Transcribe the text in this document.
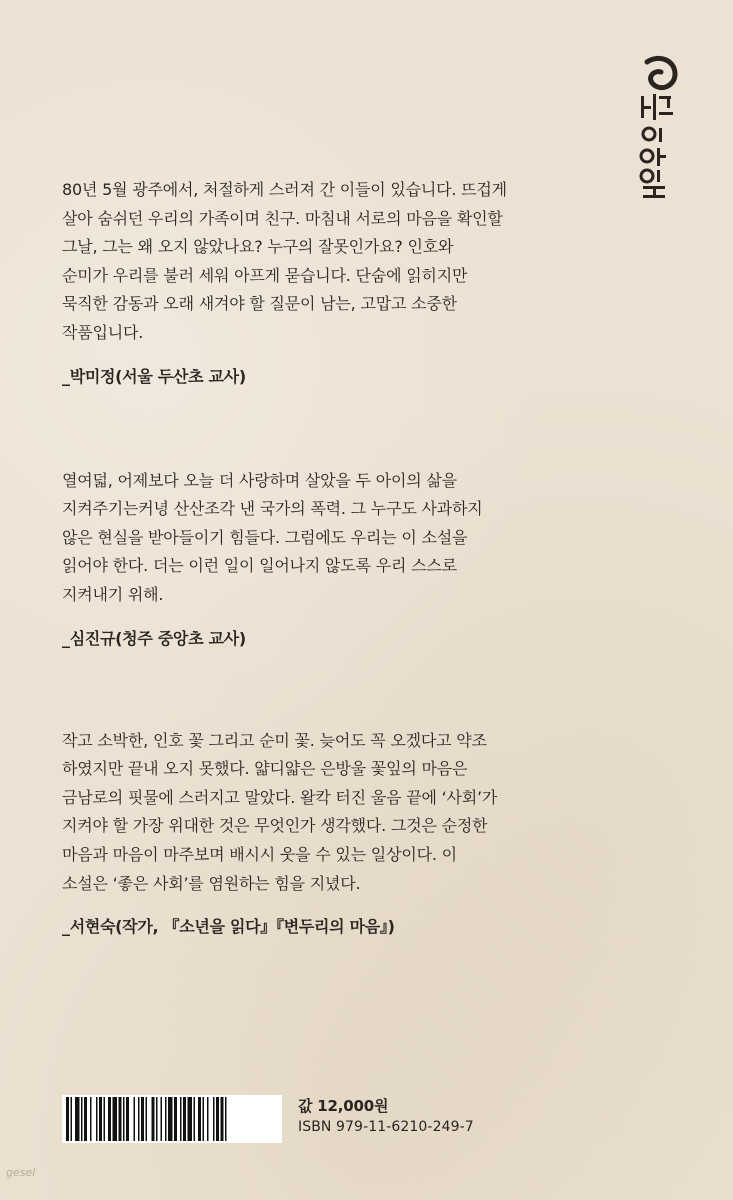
80년 5월 광주에서, 처절하게 스러져 간 이들이 있습니다. 뜨겁게
살아 숨쉬던 우리의 가족이며 친구. 마침내 서로의 마음을 확인할
그날, 그는 왜 오지 않았나요? 누구의 잘못인가요? 인호와
순미가 우리를 불러 세워 아프게 묻습니다. 단숨에 읽히지만
묵직한 감동과 오래 새겨야 할 질문이 남는, 고맙고 소중한
작품입니다.

_박미정(서울 두산초 교사)

열여덟, 어제보다 오늘 더 사랑하며 살았을 두 아이의 삶을
지켜주기는커녕 산산조각 낸 국가의 폭력. 그 누구도 사과하지
않은 현실을 받아들이기 힘들다. 그럼에도 우리는 이 소설을
읽어야 한다. 더는 이런 일이 일어나지 않도록 우리 스스로
지켜내기 위해.

_심진규(청주 중앙초 교사)

작고 소박한, 인호 꽃 그리고 순미 꽃. 늦어도 꼭 오겠다고 약조
하였지만 끝내 오지 못했다. 얇디얇은 은방울 꽃잎의 마음은
금남로의 핏물에 스러지고 말았다. 왈칵 터진 울음 끝에 ‘사회’가
지켜야 할 가장 위대한 것은 무엇인가 생각했다. 그것은 순정한
마음과 마음이 마주보며 배시시 웃을 수 있는 일상이다. 이
소설은 ‘좋은 사회’를 염원하는 힘을 지녔다.

_서현숙(작가, 『소년을 읽다』『변두리의 마음』)
값 12,000원
ISBN 979-11-6210-249-7
gesel
